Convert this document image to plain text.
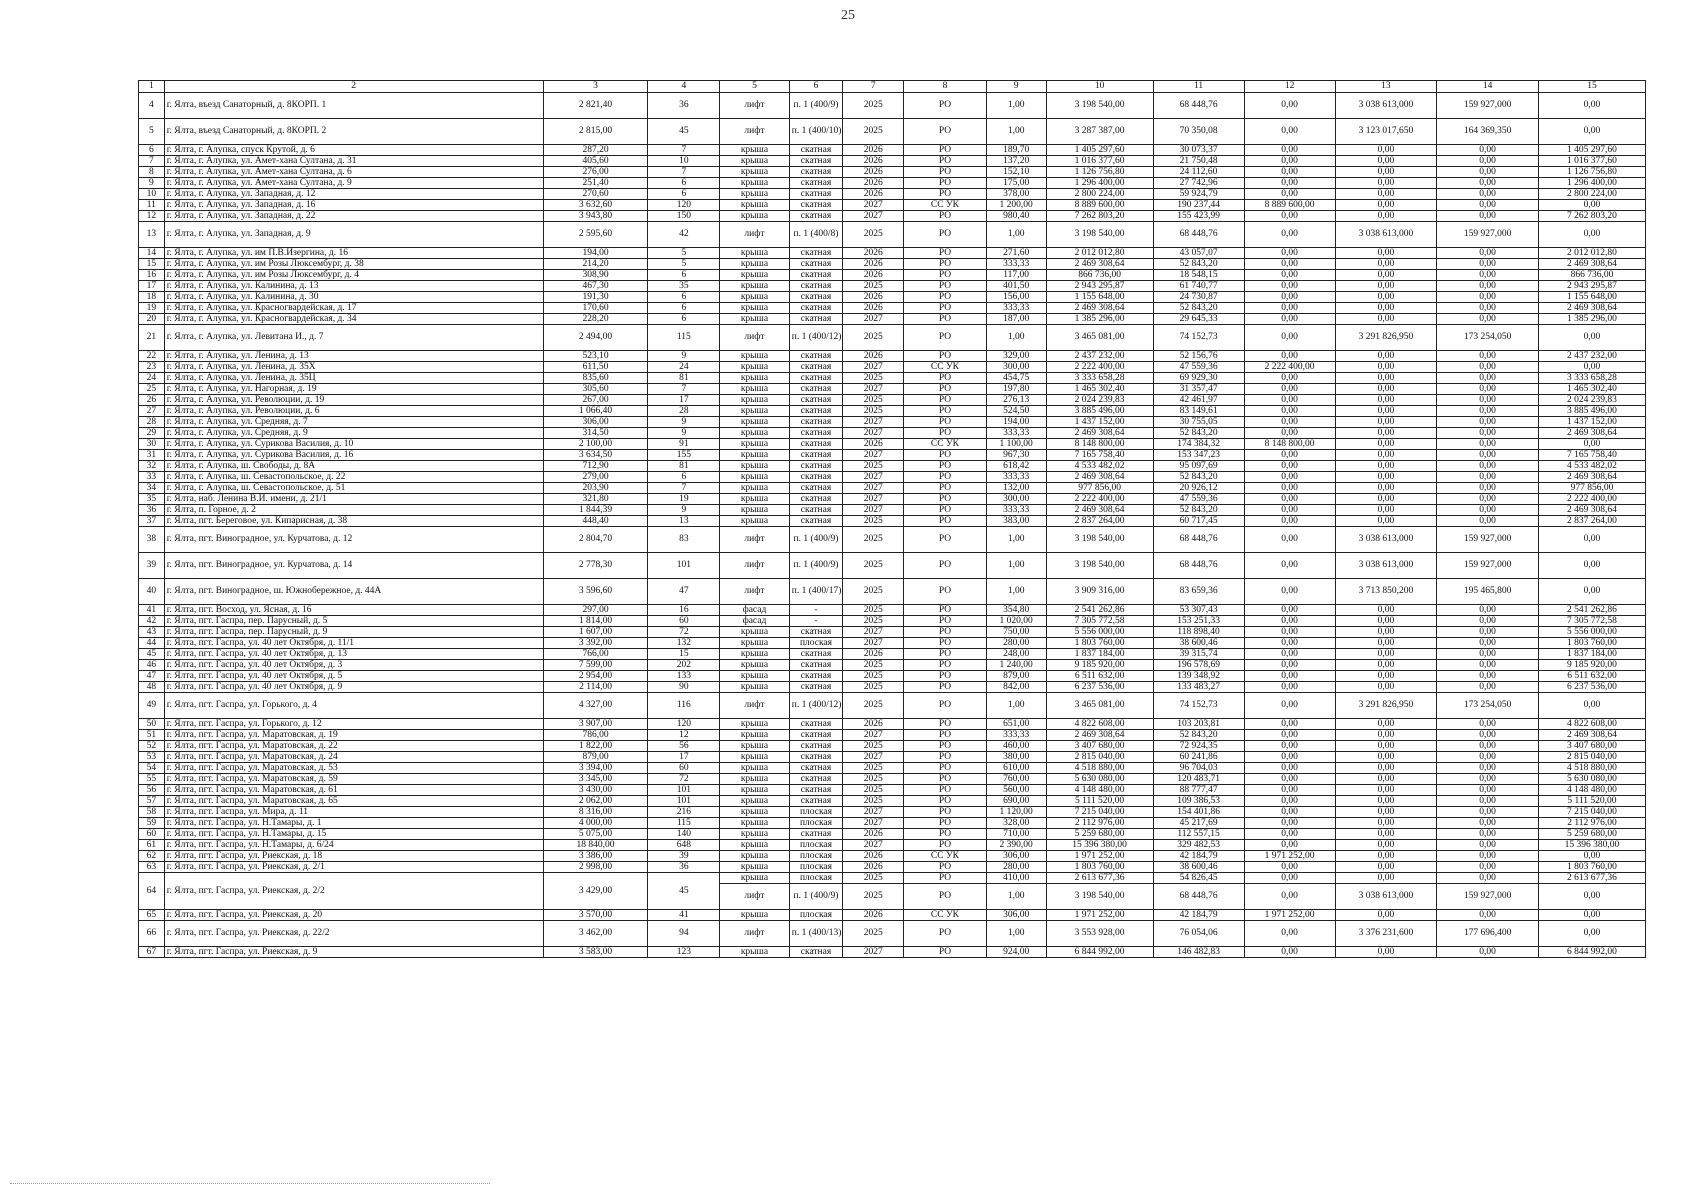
25
1	2	3	4	5	6	7	8	9	10	11	12	13	14	15
4	г. Ялта, въезд Санаторный, д. 8КОРП. 1	2 821,40	36	лифт	п. 1 (400/9)	2025	РО	1,00	3 198 540,00	68 448,76	0,00	3 038 613,000	159 927,000	0,00
5	г. Ялта, въезд Санаторный, д. 8КОРП. 2	2 815,00	45	лифт	п. 1 (400/10)	2025	РО	1,00	3 287 387,00	70 350,08	0,00	3 123 017,650	164 369,350	0,00
6	г. Ялта, г. Алупка, спуск Крутой, д. 6	287,20	7	крыша	скатная	2026	РО	189,70	1 405 297,60	30 073,37	0,00	0,00	0,00	1 405 297,60
7	г. Ялта, г. Алупка, ул. Амет-хана Султана, д. 31	405,60	10	крыша	скатная	2026	РО	137,20	1 016 377,60	21 750,48	0,00	0,00	0,00	1 016 377,60
8	г. Ялта, г. Алупка, ул. Амет-хана Султана, д. 6	276,00	7	крыша	скатная	2026	РО	152,10	1 126 756,80	24 112,60	0,00	0,00	0,00	1 126 756,80
9	г. Ялта, г. Алупка, ул. Амет-хана Султана, д. 9	251,40	6	крыша	скатная	2026	РО	175,00	1 296 400,00	27 742,96	0,00	0,00	0,00	1 296 400,00
10	г. Ялта, г. Алупка, ул. Западная, д. 12	270,60	6	крыша	скатная	2026	РО	378,00	2 800 224,00	59 924,79	0,00	0,00	0,00	2 800 224,00
11	г. Ялта, г. Алупка, ул. Западная, д. 16	3 632,60	120	крыша	скатная	2027	СС УК	1 200,00	8 889 600,00	190 237,44	8 889 600,00	0,00	0,00	0,00
12	г. Ялта, г. Алупка, ул. Западная, д. 22	3 943,80	150	крыша	скатная	2027	РО	980,40	7 262 803,20	155 423,99	0,00	0,00	0,00	7 262 803,20
13	г. Ялта, г. Алупка, ул. Западная, д. 9	2 595,60	42	лифт	п. 1 (400/8)	2025	РО	1,00	3 198 540,00	68 448,76	0,00	3 038 613,000	159 927,000	0,00
14	г. Ялта, г. Алупка, ул. им П.В.Изергина, д. 16	194,00	5	крыша	скатная	2026	РО	271,60	2 012 012,80	43 057,07	0,00	0,00	0,00	2 012 012,80
15	г. Ялта, г. Алупка, ул. им Розы Люксембург, д. 38	214,20	5	крыша	скатная	2026	РО	333,33	2 469 308,64	52 843,20	0,00	0,00	0,00	2 469 308,64
16	г. Ялта, г. Алупка, ул. им Розы Люксембург, д. 4	308,90	6	крыша	скатная	2026	РО	117,00	866 736,00	18 548,15	0,00	0,00	0,00	866 736,00
17	г. Ялта, г. Алупка, ул. Калинина, д. 13	467,30	35	крыша	скатная	2025	РО	401,50	2 943 295,87	61 740,77	0,00	0,00	0,00	2 943 295,87
18	г. Ялта, г. Алупка, ул. Калинина, д. 30	191,30	6	крыша	скатная	2026	РО	156,00	1 155 648,00	24 730,87	0,00	0,00	0,00	1 155 648,00
19	г. Ялта, г. Алупка, ул. Красногвардейская, д. 17	170,60	6	крыша	скатная	2026	РО	333,33	2 469 308,64	52 843,20	0,00	0,00	0,00	2 469 308,64
20	г. Ялта, г. Алупка, ул. Красногвардейская, д. 34	228,20	6	крыша	скатная	2027	РО	187,00	1 385 296,00	29 645,33	0,00	0,00	0,00	1 385 296,00
21	г. Ялта, г. Алупка, ул. Левитана И., д. 7	2 494,00	115	лифт	п. 1 (400/12)	2025	РО	1,00	3 465 081,00	74 152,73	0,00	3 291 826,950	173 254,050	0,00
22	г. Ялта, г. Алупка, ул. Ленина, д. 13	523,10	9	крыша	скатная	2026	РО	329,00	2 437 232,00	52 156,76	0,00	0,00	0,00	2 437 232,00
23	г. Ялта, г. Алупка, ул. Ленина, д. 35Х	611,50	24	крыша	скатная	2027	СС УК	300,00	2 222 400,00	47 559,36	2 222 400,00	0,00	0,00	0,00
24	г. Ялта, г. Алупка, ул. Ленина, д. 35Ц	835,60	81	крыша	скатная	2025	РО	454,75	3 333 658,28	69 929,30	0,00	0,00	0,00	3 333 658,28
25	г. Ялта, г. Алупка, ул. Нагорная, д. 19	305,60	7	крыша	скатная	2027	РО	197,80	1 465 302,40	31 357,47	0,00	0,00	0,00	1 465 302,40
26	г. Ялта, г. Алупка, ул. Революции, д. 19	267,00	17	крыша	скатная	2025	РО	276,13	2 024 239,83	42 461,97	0,00	0,00	0,00	2 024 239,83
27	г. Ялта, г. Алупка, ул. Революции, д. 6	1 066,40	28	крыша	скатная	2025	РО	524,50	3 885 496,00	83 149,61	0,00	0,00	0,00	3 885 496,00
28	г. Ялта, г. Алупка, ул. Средняя, д. 7	306,00	9	крыша	скатная	2027	РО	194,00	1 437 152,00	30 755,05	0,00	0,00	0,00	1 437 152,00
29	г. Ялта, г. Алупка, ул. Средняя, д. 9	314,50	9	крыша	скатная	2027	РО	333,33	2 469 308,64	52 843,20	0,00	0,00	0,00	2 469 308,64
30	г. Ялта, г. Алупка, ул. Сурикова Василия, д. 10	2 100,00	91	крыша	скатная	2026	СС УК	1 100,00	8 148 800,00	174 384,32	8 148 800,00	0,00	0,00	0,00
31	г. Ялта, г. Алупка, ул. Сурикова Василия, д. 16	3 634,50	155	крыша	скатная	2027	РО	967,30	7 165 758,40	153 347,23	0,00	0,00	0,00	7 165 758,40
32	г. Ялта, г. Алупка, ш. Свободы, д. 8А	712,90	81	крыша	скатная	2025	РО	618,42	4 533 482,02	95 097,69	0,00	0,00	0,00	4 533 482,02
33	г. Ялта, г. Алупка, ш. Севастопольское, д. 22	279,00	6	крыша	скатная	2027	РО	333,33	2 469 308,64	52 843,20	0,00	0,00	0,00	2 469 308,64
34	г. Ялта, г. Алупка, ш. Севастопольское, д. 51	203,90	7	крыша	скатная	2027	РО	132,00	977 856,00	20 926,12	0,00	0,00	0,00	977 856,00
35	г. Ялта, наб. Ленина В.И. имени, д. 21/1	321,80	19	крыша	скатная	2027	РО	300,00	2 222 400,00	47 559,36	0,00	0,00	0,00	2 222 400,00
36	г. Ялта, п. Горное, д. 2	1 844,39	9	крыша	скатная	2027	РО	333,33	2 469 308,64	52 843,20	0,00	0,00	0,00	2 469 308,64
37	г. Ялта, пгт. Береговое, ул. Кипарисная, д. 38	448,40	13	крыша	скатная	2025	РО	383,00	2 837 264,00	60 717,45	0,00	0,00	0,00	2 837 264,00
38	г. Ялта, пгт. Виноградное, ул. Курчатова, д. 12	2 804,70	83	лифт	п. 1 (400/9)	2025	РО	1,00	3 198 540,00	68 448,76	0,00	3 038 613,000	159 927,000	0,00
39	г. Ялта, пгт. Виноградное, ул. Курчатова, д. 14	2 778,30	101	лифт	п. 1 (400/9)	2025	РО	1,00	3 198 540,00	68 448,76	0,00	3 038 613,000	159 927,000	0,00
40	г. Ялта, пгт. Виноградное, ш. Южнобережное, д. 44А	3 596,60	47	лифт	п. 1 (400/17)	2025	РО	1,00	3 909 316,00	83 659,36	0,00	3 713 850,200	195 465,800	0,00
41	г. Ялта, пгт. Восход, ул. Ясная, д. 16	297,00	16	фасад	-	2025	РО	354,80	2 541 262,86	53 307,43	0,00	0,00	0,00	2 541 262,86
42	г. Ялта, пгт. Гаспра, пер. Парусный, д. 5	1 814,00	60	фасад	-	2025	РО	1 020,00	7 305 772,58	153 251,33	0,00	0,00	0,00	7 305 772,58
43	г. Ялта, пгт. Гаспра, пер. Парусный, д. 9	1 607,00	72	крыша	скатная	2027	РО	750,00	5 556 000,00	118 898,40	0,00	0,00	0,00	5 556 000,00
44	г. Ялта, пгт. Гаспра, ул. 40 лет Октября, д. 11/1	3 392,00	132	крыша	плоская	2027	РО	280,00	1 803 760,00	38 600,46	0,00	0,00	0,00	1 803 760,00
45	г. Ялта, пгт. Гаспра, ул. 40 лет Октября, д. 13	766,00	15	крыша	скатная	2026	РО	248,00	1 837 184,00	39 315,74	0,00	0,00	0,00	1 837 184,00
46	г. Ялта, пгт. Гаспра, ул. 40 лет Октября, д. 3	7 599,00	202	крыша	скатная	2025	РО	1 240,00	9 185 920,00	196 578,69	0,00	0,00	0,00	9 185 920,00
47	г. Ялта, пгт. Гаспра, ул. 40 лет Октября, д. 5	2 954,00	133	крыша	скатная	2025	РО	879,00	6 511 632,00	139 348,92	0,00	0,00	0,00	6 511 632,00
48	г. Ялта, пгт. Гаспра, ул. 40 лет Октября, д. 9	2 114,00	90	крыша	скатная	2025	РО	842,00	6 237 536,00	133 483,27	0,00	0,00	0,00	6 237 536,00
49	г. Ялта, пгт. Гаспра, ул. Горького, д. 4	4 327,00	116	лифт	п. 1 (400/12)	2025	РО	1,00	3 465 081,00	74 152,73	0,00	3 291 826,950	173 254,050	0,00
50	г. Ялта, пгт. Гаспра, ул. Горького, д. 12	3 907,00	120	крыша	скатная	2026	РО	651,00	4 822 608,00	103 203,81	0,00	0,00	0,00	4 822 608,00
51	г. Ялта, пгт. Гаспра, ул. Маратовская, д. 19	786,00	12	крыша	скатная	2027	РО	333,33	2 469 308,64	52 843,20	0,00	0,00	0,00	2 469 308,64
52	г. Ялта, пгт. Гаспра, ул. Маратовская, д. 22	1 822,00	56	крыша	скатная	2025	РО	460,00	3 407 680,00	72 924,35	0,00	0,00	0,00	3 407 680,00
53	г. Ялта, пгт. Гаспра, ул. Маратовская, д. 24	879,00	17	крыша	скатная	2027	РО	380,00	2 815 040,00	60 241,86	0,00	0,00	0,00	2 815 040,00
54	г. Ялта, пгт. Гаспра, ул. Маратовская, д. 53	3 394,00	60	крыша	скатная	2025	РО	610,00	4 518 880,00	96 704,03	0,00	0,00	0,00	4 518 880,00
55	г. Ялта, пгт. Гаспра, ул. Маратовская, д. 59	3 345,00	72	крыша	скатная	2025	РО	760,00	5 630 080,00	120 483,71	0,00	0,00	0,00	5 630 080,00
56	г. Ялта, пгт. Гаспра, ул. Маратовская, д. 61	3 430,00	101	крыша	скатная	2025	РО	560,00	4 148 480,00	88 777,47	0,00	0,00	0,00	4 148 480,00
57	г. Ялта, пгт. Гаспра, ул. Маратовская, д. 65	2 062,00	101	крыша	скатная	2025	РО	690,00	5 111 520,00	109 386,53	0,00	0,00	0,00	5 111 520,00
58	г. Ялта, пгт. Гаспра, ул. Мира, д. 11	8 316,00	216	крыша	плоская	2027	РО	1 120,00	7 215 040,00	154 401,86	0,00	0,00	0,00	7 215 040,00
59	г. Ялта, пгт. Гаспра, ул. Н.Тамары, д. 1	4 000,00	115	крыша	плоская	2027	РО	328,00	2 112 976,00	45 217,69	0,00	0,00	0,00	2 112 976,00
60	г. Ялта, пгт. Гаспра, ул. Н.Тамары, д. 15	5 075,00	140	крыша	скатная	2026	РО	710,00	5 259 680,00	112 557,15	0,00	0,00	0,00	5 259 680,00
61	г. Ялта, пгт. Гаспра, ул. Н.Тамары, д. 6/24	18 840,00	648	крыша	плоская	2027	РО	2 390,00	15 396 380,00	329 482,53	0,00	0,00	0,00	15 396 380,00
62	г. Ялта, пгт. Гаспра, ул. Риекская, д. 18	3 386,00	39	крыша	плоская	2026	СС УК	306,00	1 971 252,00	42 184,79	1 971 252,00	0,00	0,00	0,00
63	г. Ялта, пгт. Гаспра, ул. Риекская, д. 2/1	2 998,00	36	крыша	плоская	2026	РО	280,00	1 803 760,00	38 600,46	0,00	0,00	0,00	1 803 760,00
64	г. Ялта, пгт. Гаспра, ул. Риекская, д. 2/2	3 429,00	45	крыша	плоская	2025	РО	410,00	2 613 677,36	54 826,45	0,00	0,00	0,00	2 613 677,36
				лифт	п. 1 (400/9)	2025	РО	1,00	3 198 540,00	68 448,76	0,00	3 038 613,000	159 927,000	0,00
65	г. Ялта, пгт. Гаспра, ул. Риекская, д. 20	3 570,00	41	крыша	плоская	2026	СС УК	306,00	1 971 252,00	42 184,79	1 971 252,00	0,00	0,00	0,00
66	г. Ялта, пгт. Гаспра, ул. Риекская, д. 22/2	3 462,00	94	лифт	п. 1 (400/13)	2025	РО	1,00	3 553 928,00	76 054,06	0,00	3 376 231,600	177 696,400	0,00
67	г. Ялта, пгт. Гаспра, ул. Риекская, д. 9	3 583,00	123	крыша	скатная	2027	РО	924,00	6 844 992,00	146 482,83	0,00	0,00	0,00	6 844 992,00
